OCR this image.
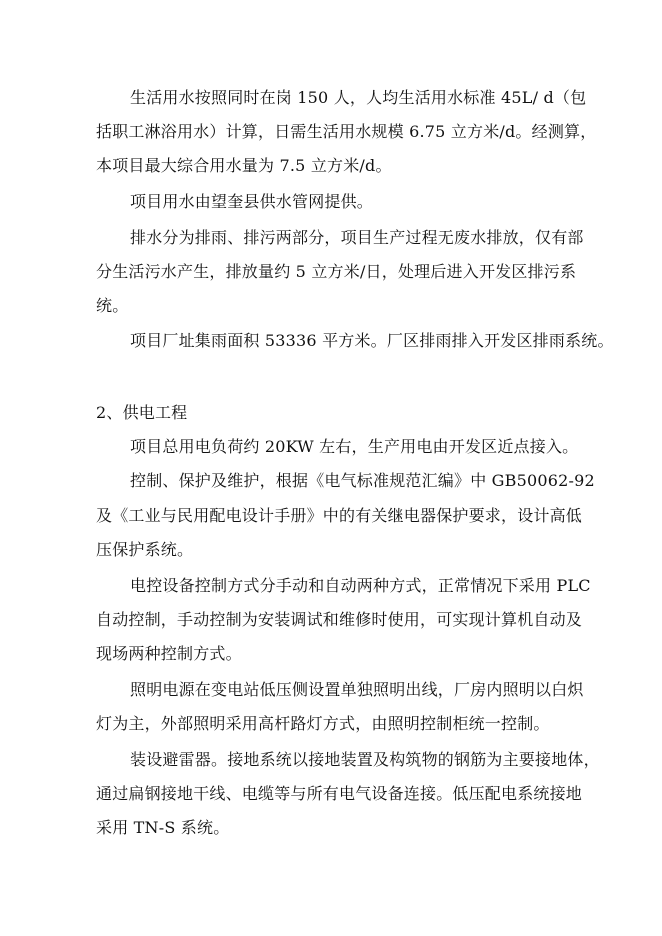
生活用水按照同时在岗 150 人，人均生活用水标准 45L/ d（包
括职工淋浴用水）计算，日需生活用水规模 6.75 立方米/d。经测算，
本项目最大综合用水量为 7.5 立方米/d。
项目用水由望奎县供水管网提供。
排水分为排雨、排污两部分，项目生产过程无废水排放，仅有部
分生活污水产生，排放量约 5 立方米/日，处理后进入开发区排污系
统。
项目厂址集雨面积 53336 平方米。厂区排雨排入开发区排雨系统。
2、供电工程
项目总用电负荷约 20KW 左右，生产用电由开发区近点接入。
控制、保护及维护，根据《电气标准规范汇编》中 GB50062-92
及《工业与民用配电设计手册》中的有关继电器保护要求，设计高低
压保护系统。
电控设备控制方式分手动和自动两种方式，正常情况下采用 PLC
自动控制，手动控制为安装调试和维修时使用，可实现计算机自动及
现场两种控制方式。
照明电源在变电站低压侧设置单独照明出线，厂房内照明以白炽
灯为主，外部照明采用高杆路灯方式，由照明控制柜统一控制。
装设避雷器。接地系统以接地装置及构筑物的钢筋为主要接地体，
通过扁钢接地干线、电缆等与所有电气设备连接。低压配电系统接地
采用 TN-S 系统。
